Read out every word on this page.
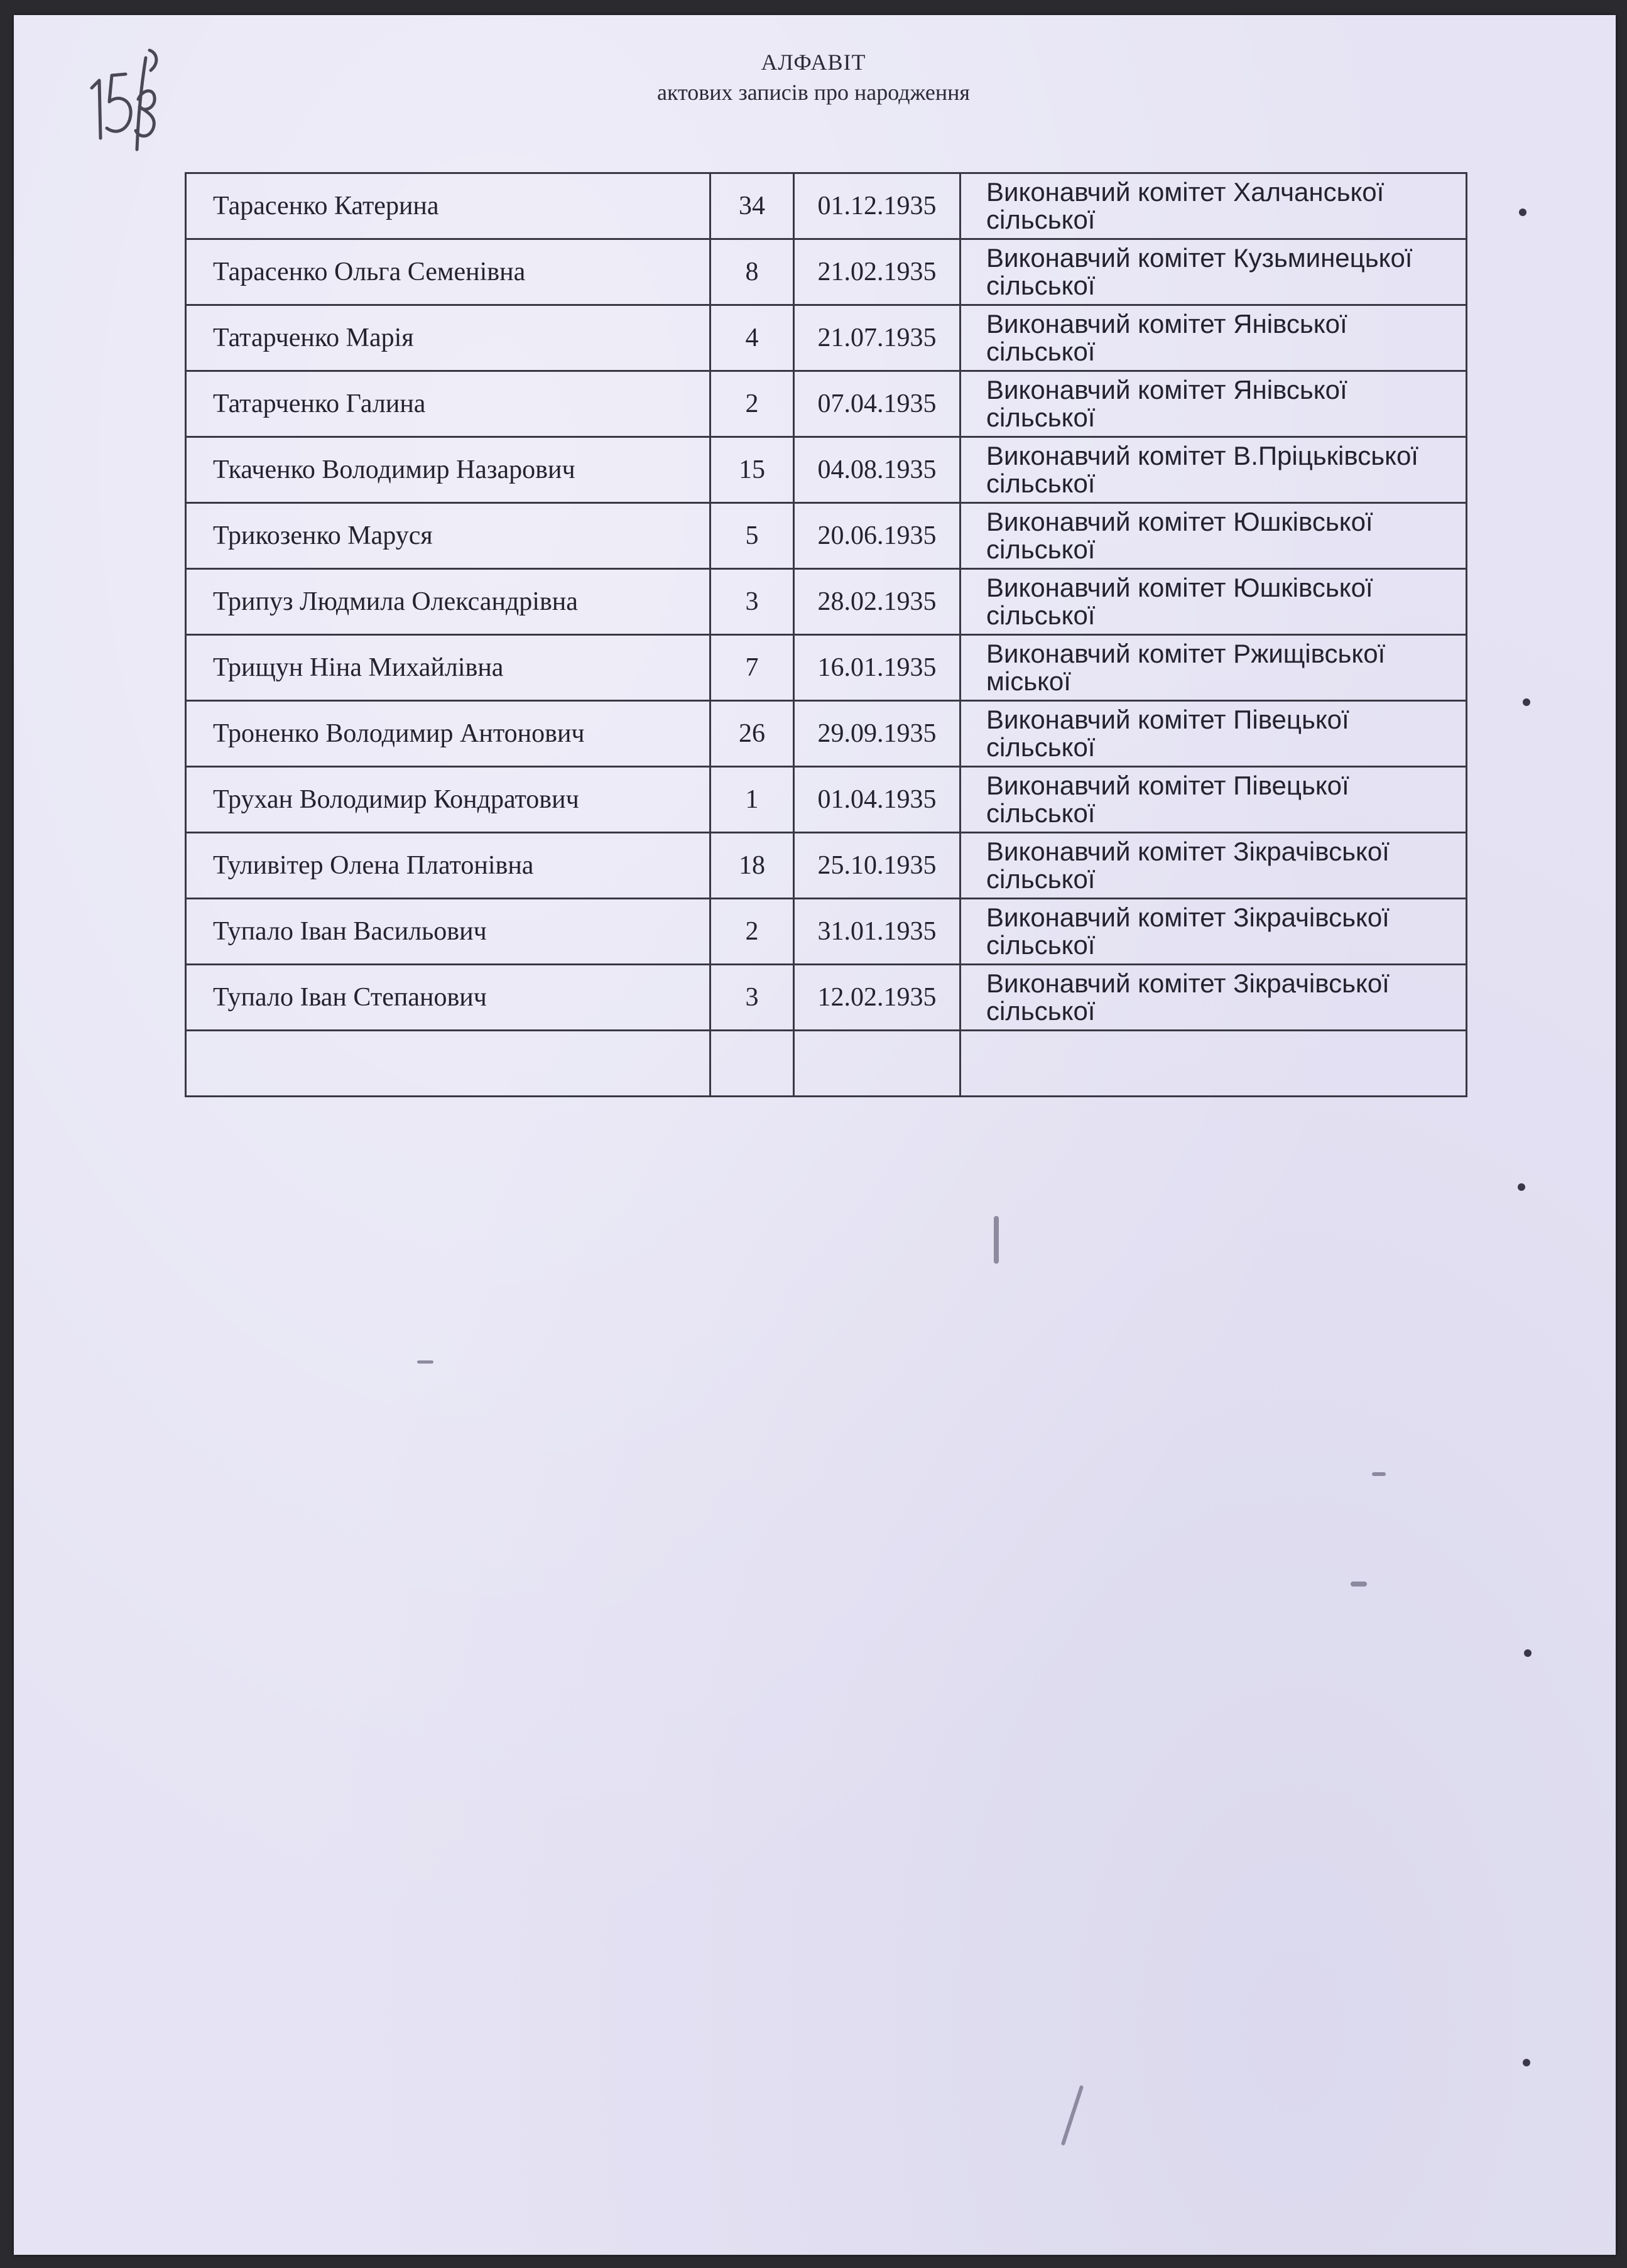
АЛФАВІТ
актових записів про народження
Тарасенко Катерина	34	01.12.1935	Виконавчий комітет Халчанської сільської
Тарасенко Ольга Семенівна	8	21.02.1935	Виконавчий комітет Кузьминецької сільської
Татарченко Марія	4	21.07.1935	Виконавчий комітет Янівської сільської
Татарченко Галина	2	07.04.1935	Виконавчий комітет Янівської сільської
Ткаченко Володимир Назарович	15	04.08.1935	Виконавчий комітет В.Пріцьківської сільської
Трикозенко Маруся	5	20.06.1935	Виконавчий комітет Юшківської сільської
Трипуз Людмила Олександрівна	3	28.02.1935	Виконавчий комітет Юшківської сільської
Трищун Ніна Михайлівна	7	16.01.1935	Виконавчий комітет Ржищівської міської
Троненко Володимир Антонович	26	29.09.1935	Виконавчий комітет Півецької сільської
Трухан Володимир Кондратович	1	01.04.1935	Виконавчий комітет Півецької сільської
Туливітер Олена Платонівна	18	25.10.1935	Виконавчий комітет Зікрачівської сільської
Тупало Іван Васильович	2	31.01.1935	Виконавчий комітет Зікрачівської сільської
Тупало Іван Степанович	3	12.02.1935	Виконавчий комітет Зікрачівської сільської
